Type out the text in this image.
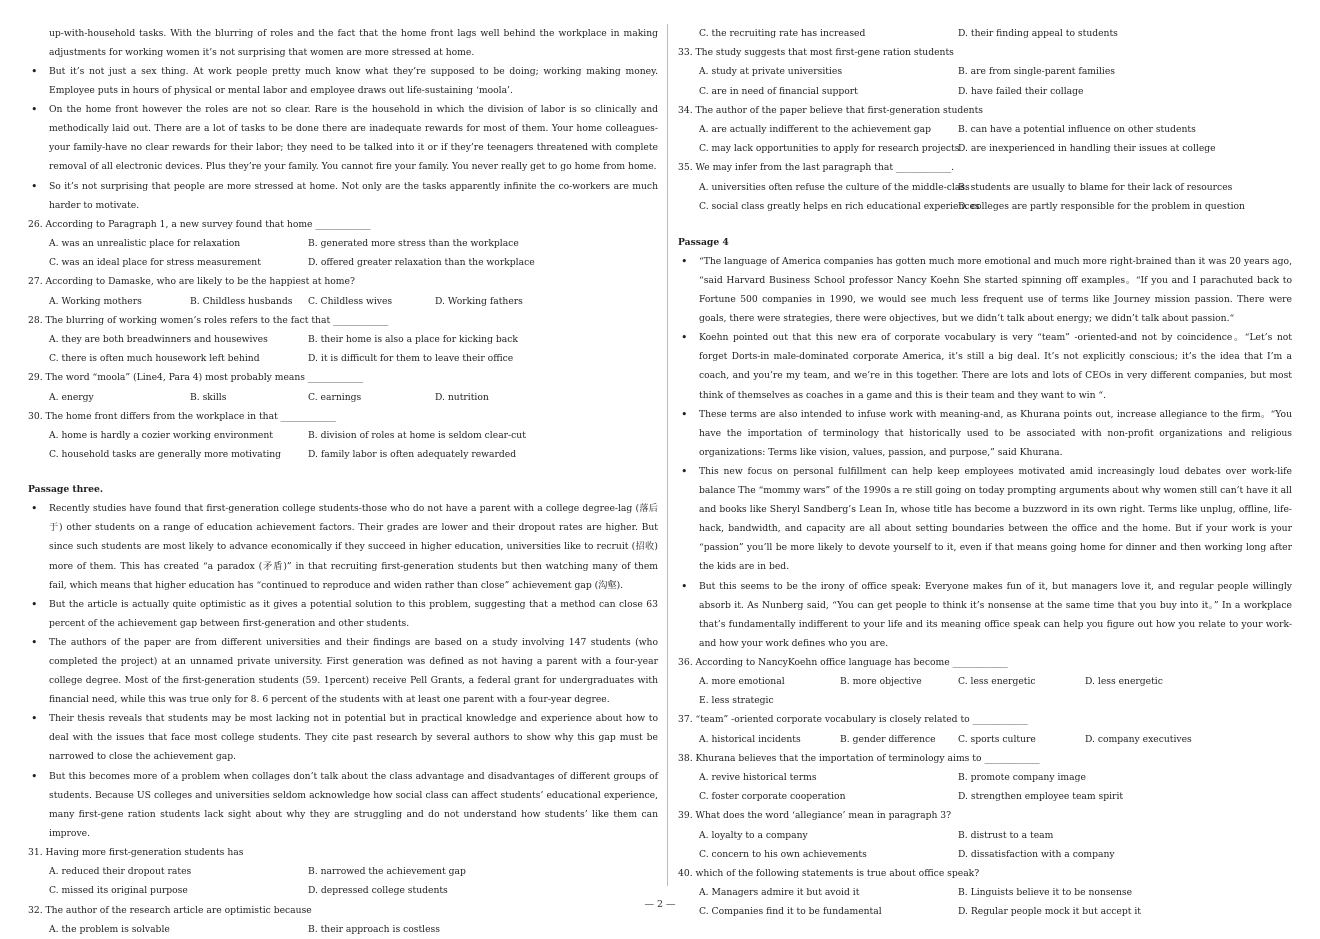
up-with-household tasks. With the blurring of roles and the fact that the home front lags well behind the workplace in making adjustments for working women it’s not surprising that women are more stressed at home.
• But it’s not just a sex thing. At work people pretty much know what they’re supposed to be doing; working making money. Employee puts in hours of physical or mental labor and employee draws out life-sustaining ‘moola’.
• On the home front however the roles are not so clear. Rare is the household in which the division of labor is so clinically and methodically laid out. There are a lot of tasks to be done there are inadequate rewards for most of them. Your home colleagues-your family-have no clear rewards for their labor; they need to be talked into it or if they’re teenagers threatened with complete removal of all electronic devices. Plus they’re your family. You cannot fire your family. You never really get to go home from home.
• So it’s not surprising that people are more stressed at home. Not only are the tasks apparently infinite the co-workers are much harder to motivate.
26. According to Paragraph 1, a new survey found that home ____________
A. was an unrealistic place for relaxation	B. generated more stress than the workplace
C. was an ideal place for stress measurement	D. offered greater relaxation than the workplace
27. According to Damaske, who are likely to be the happiest at home?
A. Working mothers	B. Childless husbands C. Childless wives	D. Working fathers
28. The blurring of working women’s roles refers to the fact that ____________
A. they are both breadwinners and housewives	B. their home is also a place for kicking back
C. there is often much housework left behind	D. it is difficult for them to leave their office
29. The word “moola” (Line4, Para 4) most probably means ____________
A. energy	B. skills	C. earnings	D. nutrition
30. The home front differs from the workplace in that ____________
A. home is hardly a cozier working environment	B. division of roles at home is seldom clear-cut
C. household tasks are generally more motivating	D. family labor is often adequately rewarded
Passage three.
• Recently studies have found that first-generation college students-those who do not have a parent with a college degree-lag (落后于) other students on a range of education achievement factors. Their grades are lower and their dropout rates are higher. But since such students are most likely to advance economically if they succeed in higher education, universities like to recruit (招收) more of them. This has created “a paradox (矛盾)” in that recruiting first-generation students but then watching many of them fail, which means that higher education has “continued to reproduce and widen rather than close” achievement gap (沟壑).
• But the article is actually quite optimistic as it gives a potential solution to this problem, suggesting that a method can close 63 percent of the achievement gap between first-generation and other students.
• The authors of the paper are from different universities and their findings are based on a study involving 147 students (who completed the project) at an unnamed private university. First generation was defined as not having a parent with a four-year college degree. Most of the first-generation students (59. 1percent) receive Pell Grants, a federal grant for undergraduates with financial need, while this was true only for 8. 6 percent of the students with at least one parent with a four-year degree.
• Their thesis reveals that students may be most lacking not in potential but in practical knowledge and experience about how to deal with the issues that face most college students. They cite past research by several authors to show why this gap must be narrowed to close the achievement gap.
• But this becomes more of a problem when collages don’t talk about the class advantage and disadvantages of different groups of students. Because US colleges and universities seldom acknowledge how social class can affect students’ educational experience, many first-gene ration students lack sight about why they are struggling and do not understand how students’ like them can improve.
31. Having more first-generation students has
A. reduced their dropout rates	B. narrowed the achievement gap
C. missed its original purpose	D. depressed college students
32. The author of the research article are optimistic because
A. the problem is solvable	B. their approach is costless
C. the recruiting rate has increased	D. their finding appeal to students
33. The study suggests that most first-gene ration students
A. study at private universities	B. are from single-parent families
C. are in need of financial support	D. have failed their collage
34. The author of the paper believe that first-generation students
A. are actually indifferent to the achievement gap	B. can have a potential influence on other students
C. may lack opportunities to apply for research projects
D. are inexperienced in handling their issues at college
35. We may infer from the last paragraph that ____________.
A. universities often refuse the culture of the middle-class
B. students are usually to blame for their lack of resources
C. social class greatly helps en rich educational experiences
D. colleges are partly responsible for the problem in question
Passage 4
• “The language of America companies has gotten much more emotional and much more right-brained than it was 20 years ago, “said Harvard Business School professor Nancy Koehn She started spinning off examples。“If you and I parachuted back to Fortune 500 companies in 1990, we would see much less frequent use of terms like Journey mission passion. There were goals, there were strategies, there were objectives, but we didn’t talk about energy; we didn’t talk about passion.“
• Koehn pointed out that this new era of corporate vocabulary is very “team” -oriented-and not by coincidence。“Let’s not forget Dorts-in male-dominated corporate America, it’s still a big deal. It’s not explicitly conscious; it’s the idea that I’m a coach, and you’re my team, and we’re in this together. There are lots and lots of CEOs in very different companies, but most think of themselves as coaches in a game and this is their team and they want to win “.
• These terms are also intended to infuse work with meaning-and, as Khurana points out, increase allegiance to the firm。“You have the importation of terminology that historically used to be associated with non-profit organizations and religious organizations: Terms like vision, values, passion, and purpose,” said Khurana.
• This new focus on personal fulfillment can help keep employees motivated amid increasingly loud debates over work-life balance The “mommy wars” of the 1990s a re still going on today prompting arguments about why women still can’t have it all and books like Sheryl Sandberg’s Lean In, whose title has become a buzzword in its own right. Terms like unplug, offline, life-hack, bandwidth, and capacity are all about setting boundaries between the office and the home. But if your work is your “passion” you’ll be more likely to devote yourself to it, even if that means going home for dinner and then working long after the kids are in bed.
• But this seems to be the irony of office speak: Everyone makes fun of it, but managers love it, and regular people willingly absorb it. As Nunberg said, “You can get people to think it’s nonsense at the same time that you buy into it。” In a workplace that’s fundamentally indifferent to your life and its meaning office speak can help you figure out how you relate to your work-and how your work defines who you are.
36. According to NancyKoehn office language has become ____________
A. more emotional	B. more objective	C. less energetic	D. less energetic
E. less strategic
37. “team” -oriented corporate vocabulary is closely related to ____________
A. historical incidents	B. gender difference C. sports culture	D. company executives
38. Khurana believes that the importation of terminology aims to ____________
A. revive historical terms	B. promote company image
C. foster corporate cooperation	D. strengthen employee team spirit
39. What does the word ‘allegiance’ mean in paragraph 3?
A. loyalty to a company	B. distrust to a team
C. concern to his own achievements	D. dissatisfaction with a company
40. which of the following statements is true about office speak?
A. Managers admire it but avoid it	B. Linguists believe it to be nonsense
C. Companies find it to be fundamental	D. Regular people mock it but accept it
— 2 —
